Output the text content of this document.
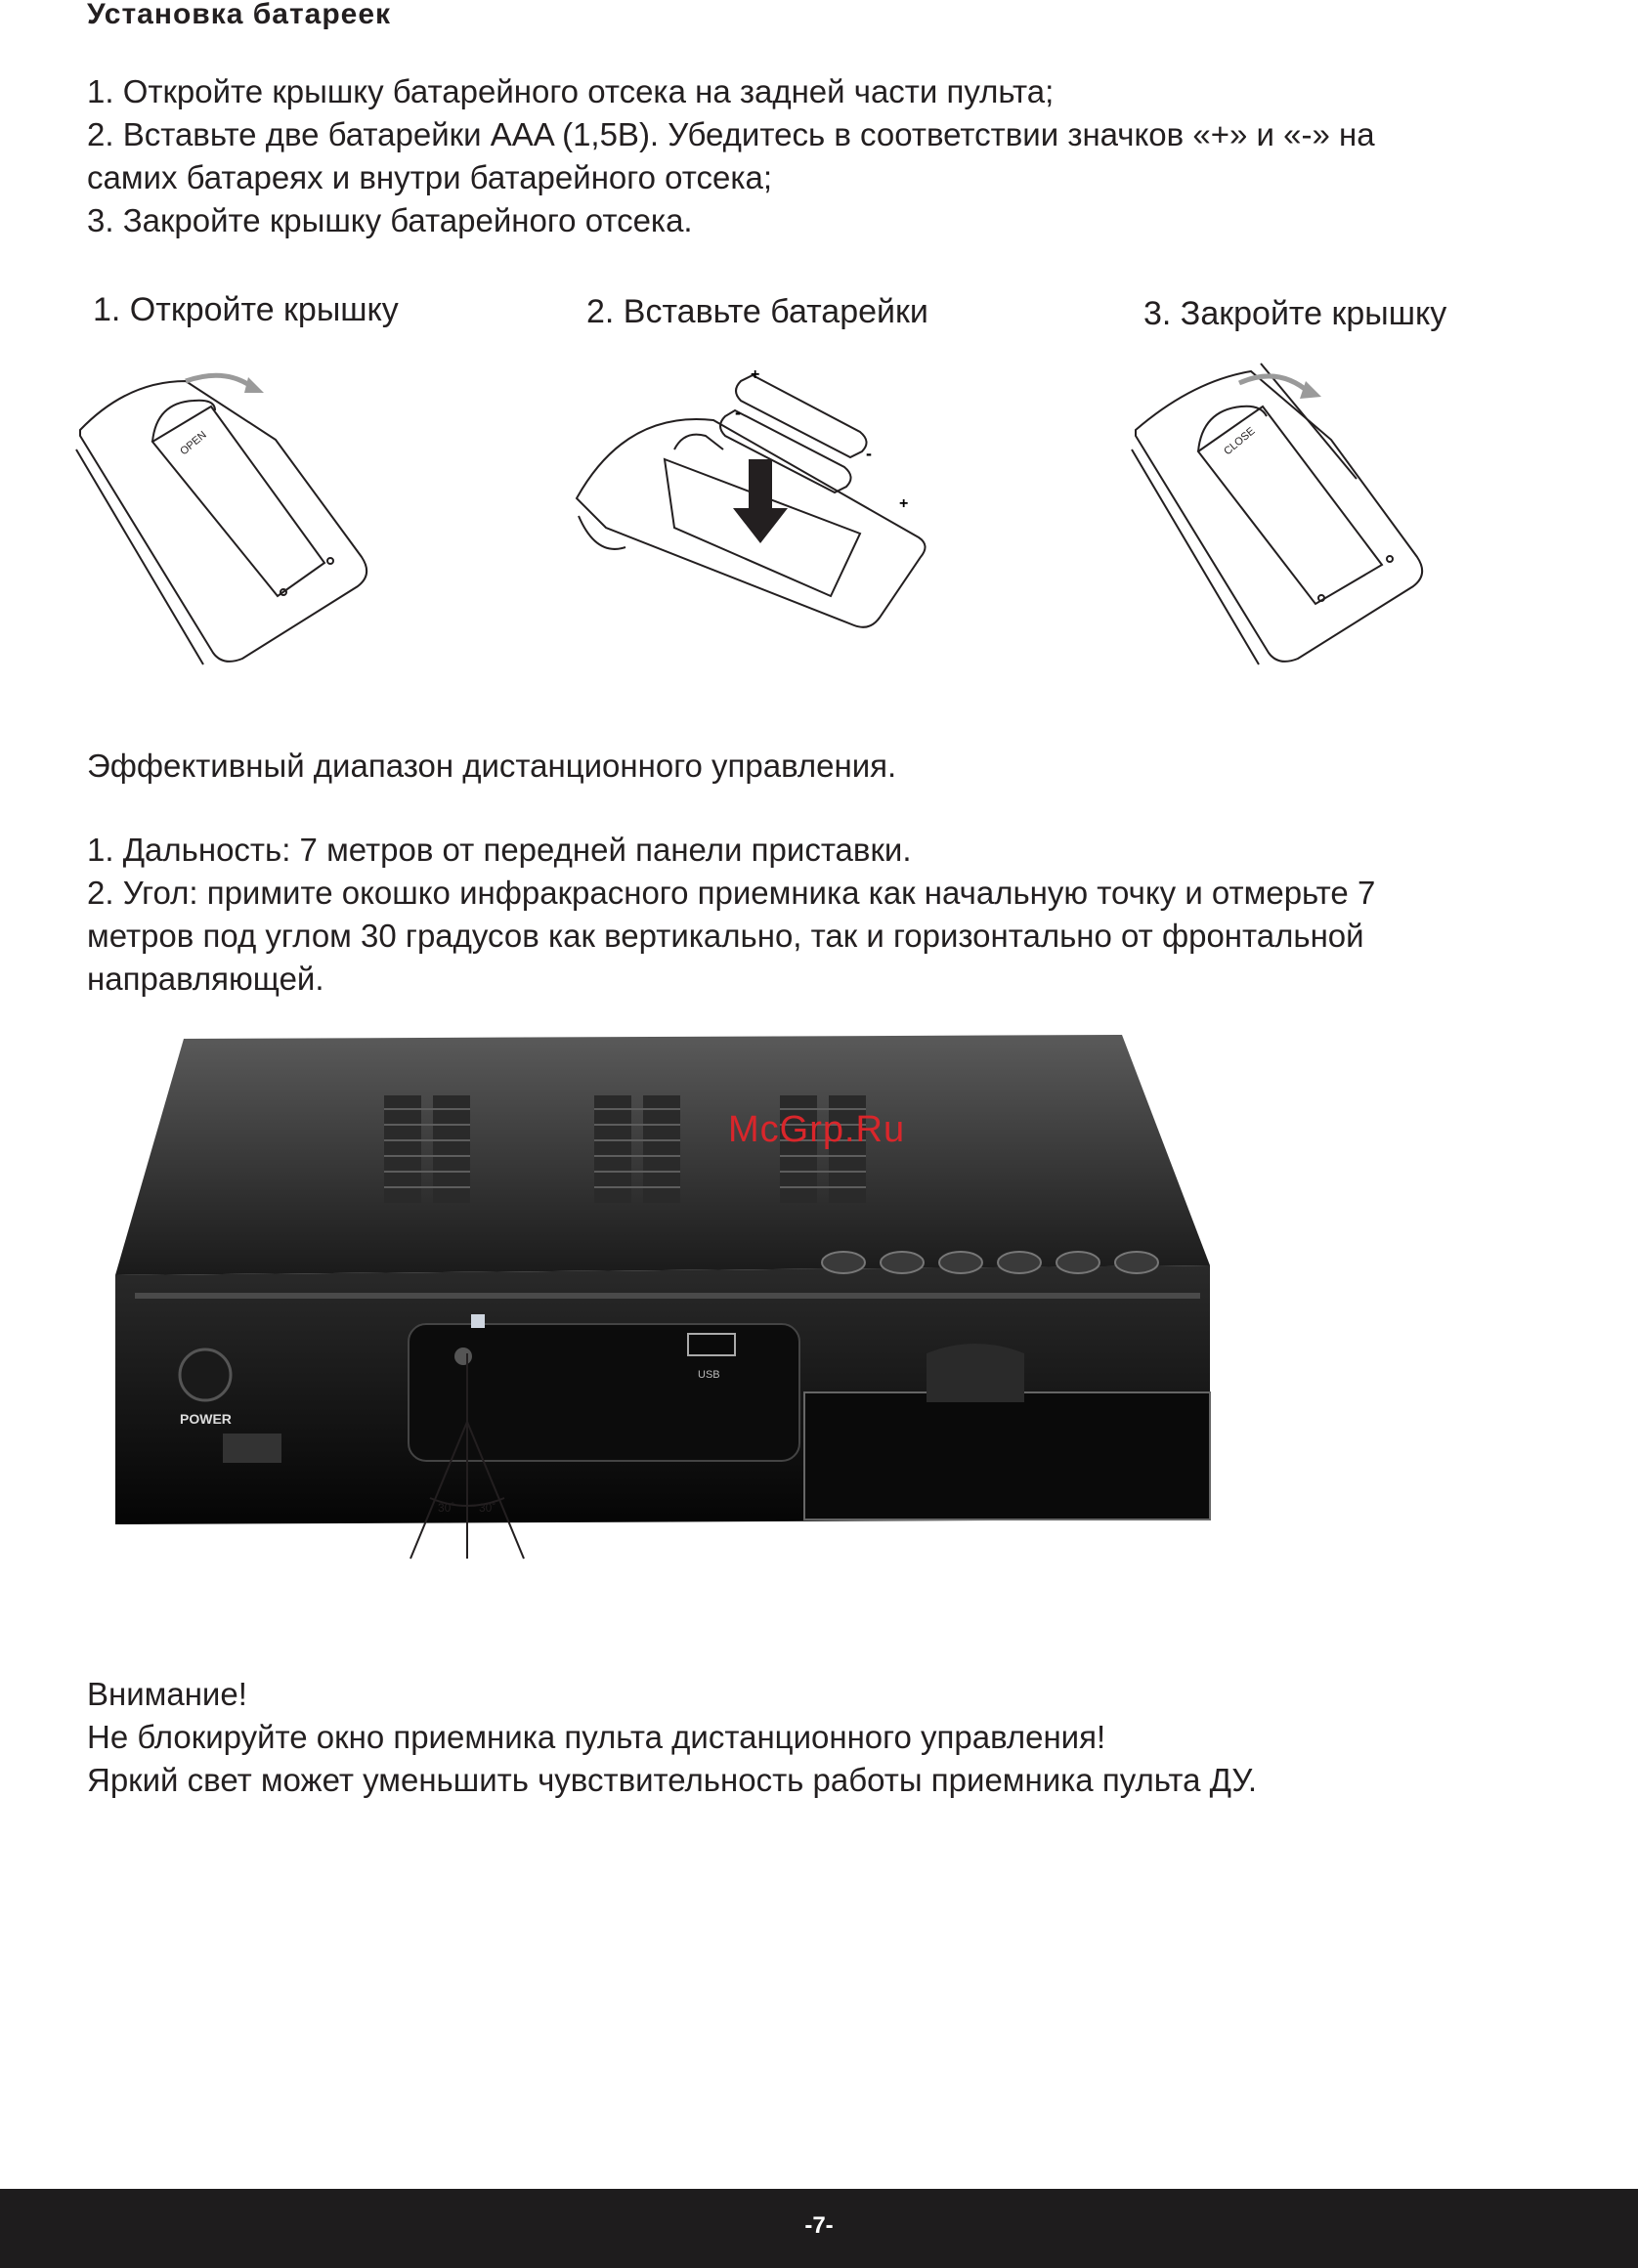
Установка батареек
1. Откройте крышку батарейного отсека на задней части пульта;
2. Вставьте две батарейки AAA (1,5B). Убедитесь в соответствии значков «+» и «-» на
самих батареях и внутри батарейного отсека;
3. Закройте крышку батарейного отсека.
1. Откройте крышку	2. Вставьте батарейки	3. Закройте крышку
OPEN
+
-
-
+
CLOSE
Эффективный диапазон дистанционного управления.
1. Дальность: 7 метров от передней панели приставки.
2. Угол: примите окошко инфракрасного приемника как начальную точку и отмерьте 7
метров под углом 30 градусов как вертикально, так и горизонтально от фронтальной
направляющей.
POWER
USB
30˚ 30˚
McGrp.Ru
Внимание!
Не блокируйте окно приемника пульта дистанционного управления!
Яркий свет может уменьшить чувствительность работы приемника пульта ДУ.
-7-
